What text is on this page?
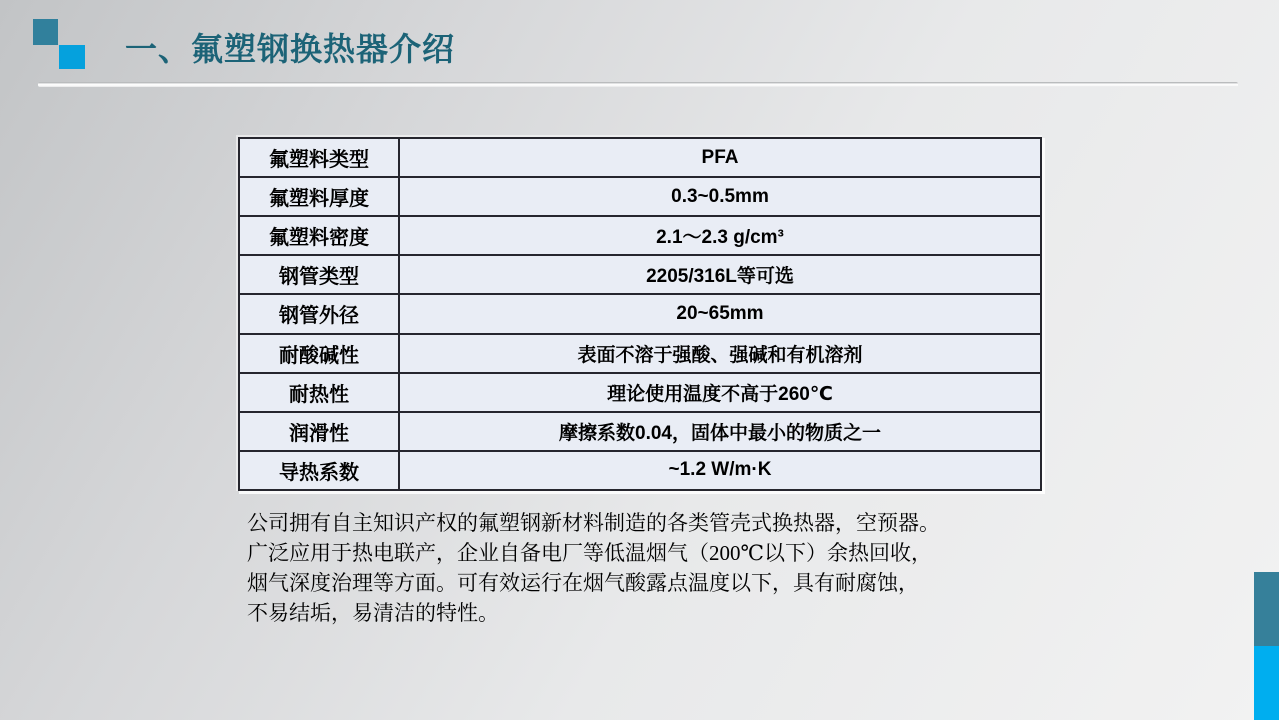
一、氟塑钢换热器介绍
氟塑料类型	PFA
氟塑料厚度	0.3~0.5mm
氟塑料密度	2.1～2.3 g/cm³
钢管类型	2205/316L等可选
钢管外径	20~65mm
耐酸碱性	表面不溶于强酸、强碱和有机溶剂
耐热性	理论使用温度不高于260℃
润滑性	摩擦系数0.04，固体中最小的物质之一
导热系数	~1.2 W/m·K
公司拥有自主知识产权的氟塑钢新材料制造的各类管壳式换热器，空预器。
广泛应用于热电联产，企业自备电厂等低温烟气（200℃以下）余热回收，
烟气深度治理等方面。可有效运行在烟气酸露点温度以下，具有耐腐蚀，
不易结垢，易清洁的特性。
